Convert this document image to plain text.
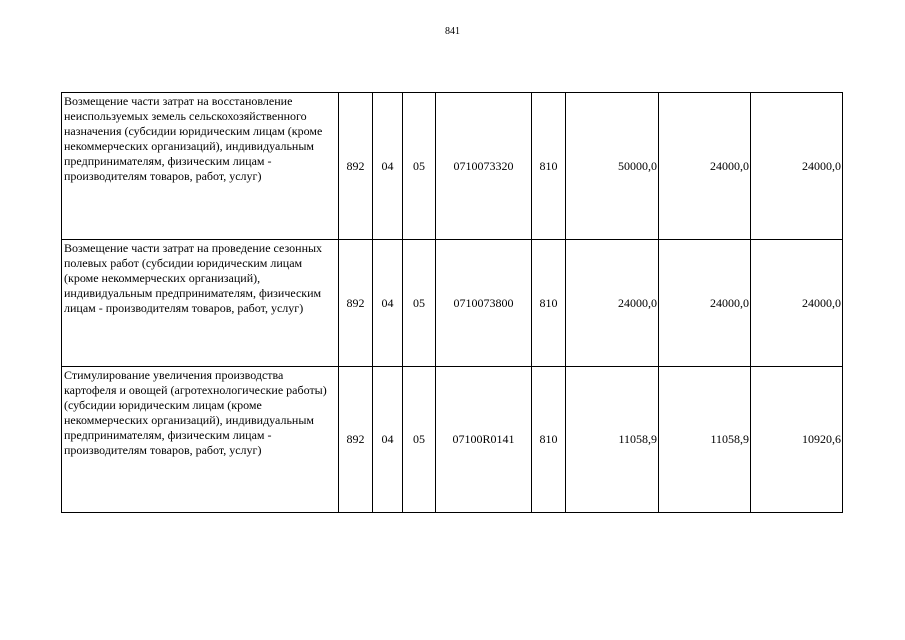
841
Возмещение части затрат на восстановление неиспользуемых земель сельскохозяйственного назначения (субсидии юридическим лицам (кроме некоммерческих организаций), индивидуальным предпринимателям, физическим лицам - производителям товаров, работ, услуг)	892	04	05	0710073320	810	50000,0	24000,0	24000,0
Возмещение части затрат на проведение сезонных полевых работ (субсидии юридическим лицам (кроме некоммерческих организаций), индивидуальным предпринимателям, физическим лицам - производителям товаров, работ, услуг)	892	04	05	0710073800	810	24000,0	24000,0	24000,0
Стимулирование увеличения производства картофеля и овощей (агротехнологические работы) (субсидии юридическим лицам (кроме некоммерческих организаций), индивидуальным предпринимателям, физическим лицам - производителям товаров, работ, услуг)	892	04	05	07100R0141	810	11058,9	11058,9	10920,6
